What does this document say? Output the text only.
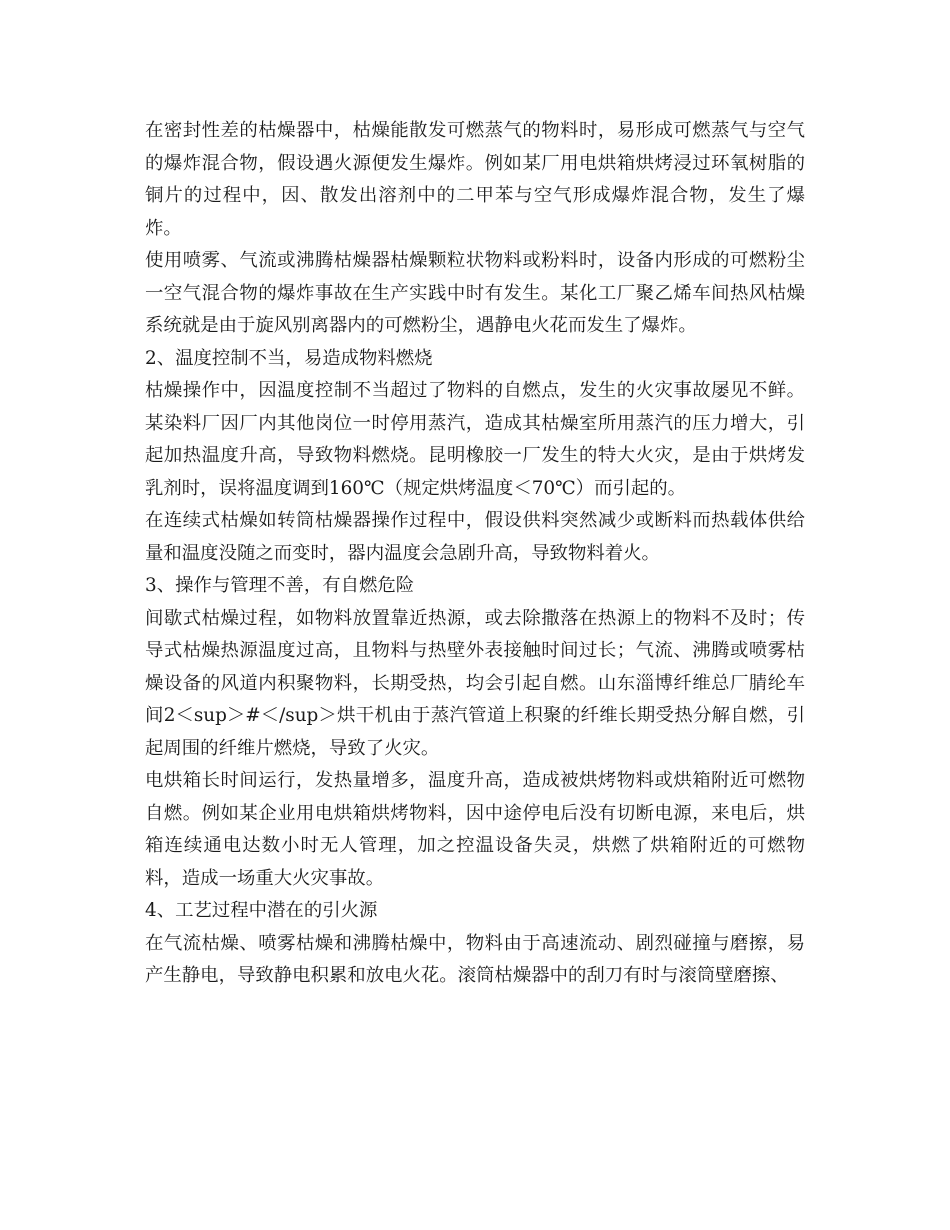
在密封性差的枯燥器中，枯燥能散发可燃蒸气的物料时，易形成可燃蒸气与空气的爆炸混合物，假设遇火源便发生爆炸。例如某厂用电烘箱烘烤浸过环氧树脂的铜片的过程中，因、散发出溶剂中的二甲苯与空气形成爆炸混合物，发生了爆炸。

使用喷雾、气流或沸腾枯燥器枯燥颗粒状物料或粉料时，设备内形成的可燃粉尘一空气混合物的爆炸事故在生产实践中时有发生。某化工厂聚乙烯车间热风枯燥系统就是由于旋风别离器内的可燃粉尘，遇静电火花而发生了爆炸。

2、温度控制不当，易造成物料燃烧

枯燥操作中，因温度控制不当超过了物料的自燃点，发生的火灾事故屡见不鲜。某染料厂因厂内其他岗位一时停用蒸汽，造成其枯燥室所用蒸汽的压力增大，引起加热温度升高，导致物料燃烧。昆明橡胶一厂发生的特大火灾，是由于烘烤发乳剂时，误将温度调到160℃（规定烘烤温度＜70℃）而引起的。

在连续式枯燥如转筒枯燥器操作过程中，假设供料突然减少或断料而热载体供给量和温度没随之而变时，器内温度会急剧升高，导致物料着火。

3、操作与管理不善，有自燃危险

间歇式枯燥过程，如物料放置靠近热源，或去除撒落在热源上的物料不及时；传导式枯燥热源温度过高，且物料与热壁外表接触时间过长；气流、沸腾或喷雾枯燥设备的风道内积聚物料，长期受热，均会引起自燃。山东淄博纤维总厂腈纶车间2＜sup＞#＜/sup＞烘干机由于蒸汽管道上积聚的纤维长期受热分解自燃，引起周围的纤维片燃烧，导致了火灾。

电烘箱长时间运行，发热量增多，温度升高，造成被烘烤物料或烘箱附近可燃物自燃。例如某企业用电烘箱烘烤物料，因中途停电后没有切断电源，来电后，烘箱连续通电达数小时无人管理，加之控温设备失灵，烘燃了烘箱附近的可燃物料，造成一场重大火灾事故。

4、工艺过程中潜在的引火源

在气流枯燥、喷雾枯燥和沸腾枯燥中，物料由于高速流动、剧烈碰撞与磨擦，易产生静电，导致静电积累和放电火花。滚筒枯燥器中的刮刀有时与滚筒壁磨擦、
